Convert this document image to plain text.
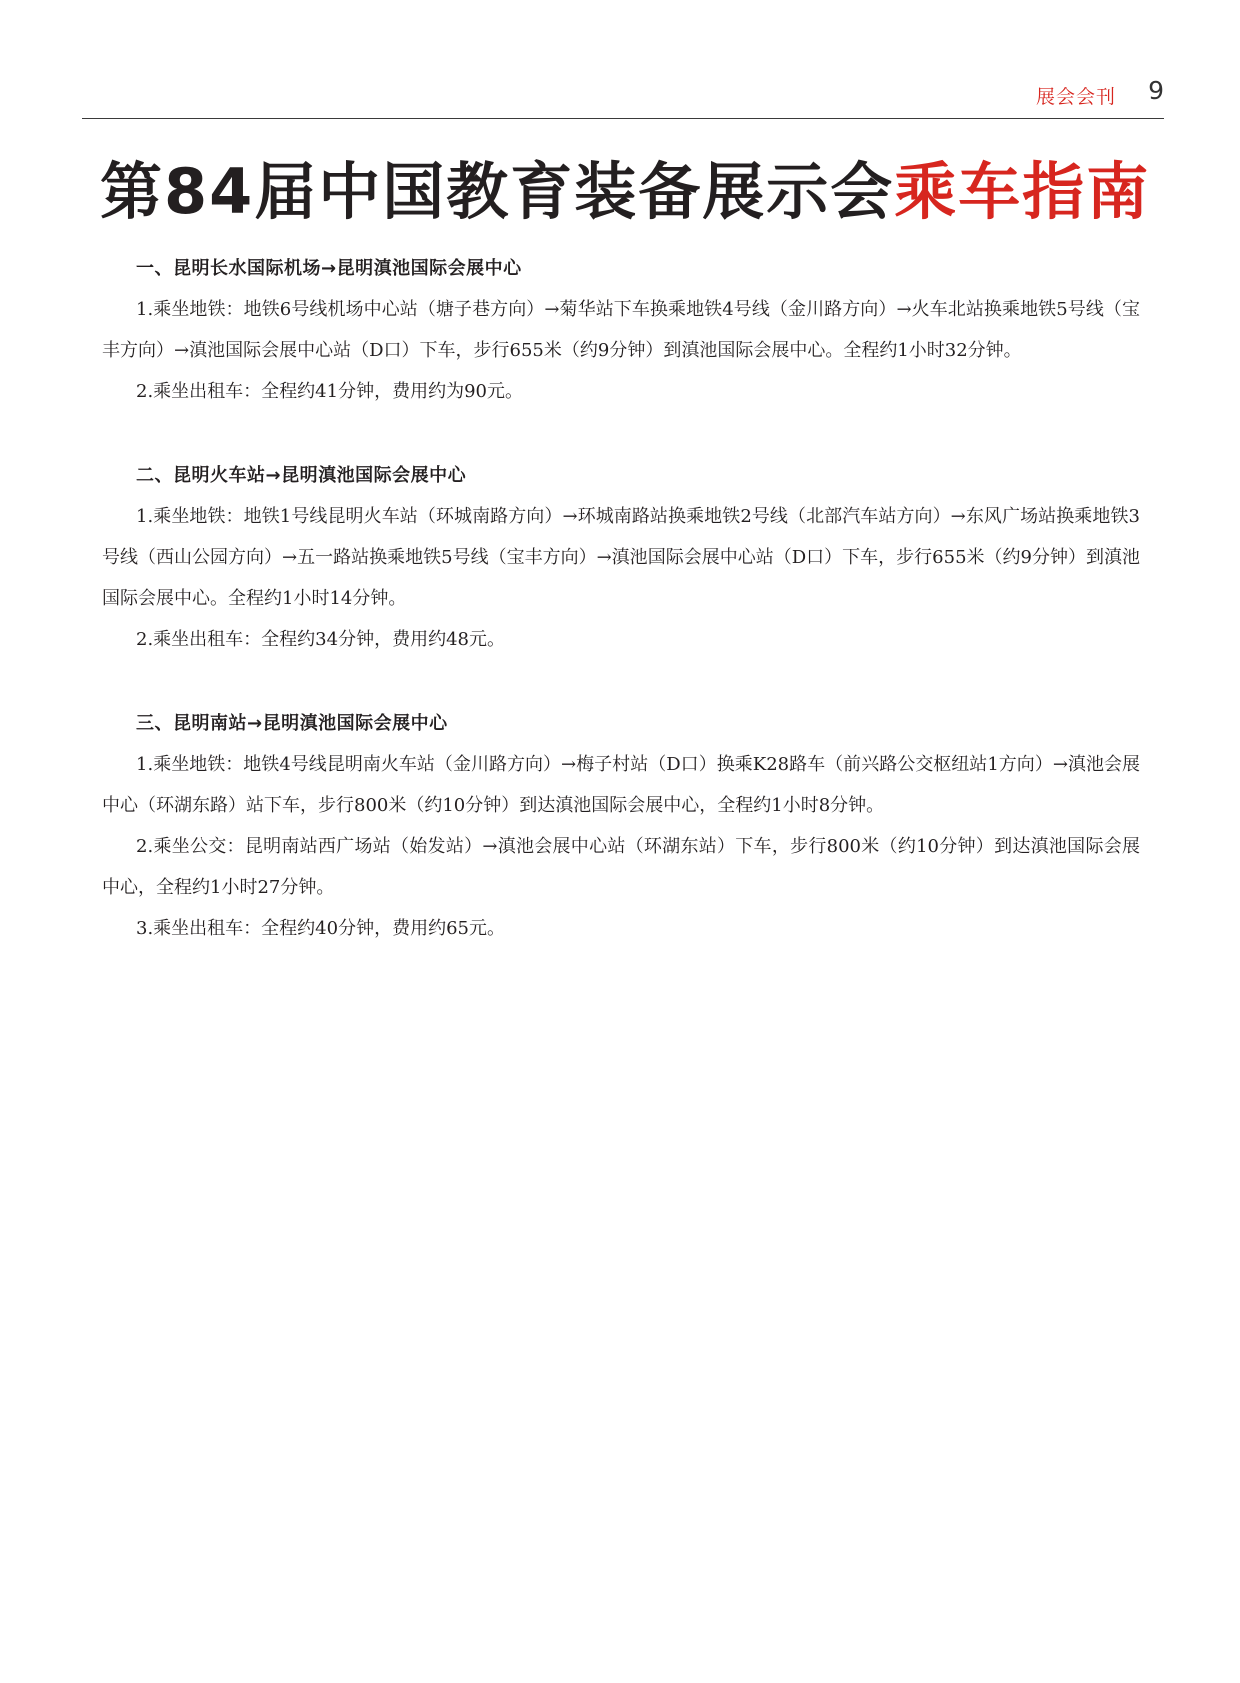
展会会刊 9
第84届中国教育装备展示会乘车指南

一、昆明长水国际机场→昆明滇池国际会展中心

1.乘坐地铁：地铁6号线机场中心站（塘子巷方向）→菊华站下车换乘地铁4号线（金川路方向）→火车北站换乘地铁5号线（宝丰方向）→滇池国际会展中心站（D口）下车，步行655米（约9分钟）到滇池国际会展中心。全程约1小时32分钟。

2.乘坐出租车：全程约41分钟，费用约为90元。

二、昆明火车站→昆明滇池国际会展中心

1.乘坐地铁：地铁1号线昆明火车站（环城南路方向）→环城南路站换乘地铁2号线（北部汽车站方向）→东风广场站换乘地铁3号线（西山公园方向）→五一路站换乘地铁5号线（宝丰方向）→滇池国际会展中心站（D口）下车，步行655米（约9分钟）到滇池国际会展中心。全程约1小时14分钟。

2.乘坐出租车：全程约34分钟，费用约48元。

三、昆明南站→昆明滇池国际会展中心

1.乘坐地铁：地铁4号线昆明南火车站（金川路方向）→梅子村站（D口）换乘K28路车（前兴路公交枢纽站1方向）→滇池会展中心（环湖东路）站下车，步行800米（约10分钟）到达滇池国际会展中心，全程约1小时8分钟。

2.乘坐公交：昆明南站西广场站（始发站）→滇池会展中心站（环湖东站）下车，步行800米（约10分钟）到达滇池国际会展中心，全程约1小时27分钟。

3.乘坐出租车：全程约40分钟，费用约65元。
